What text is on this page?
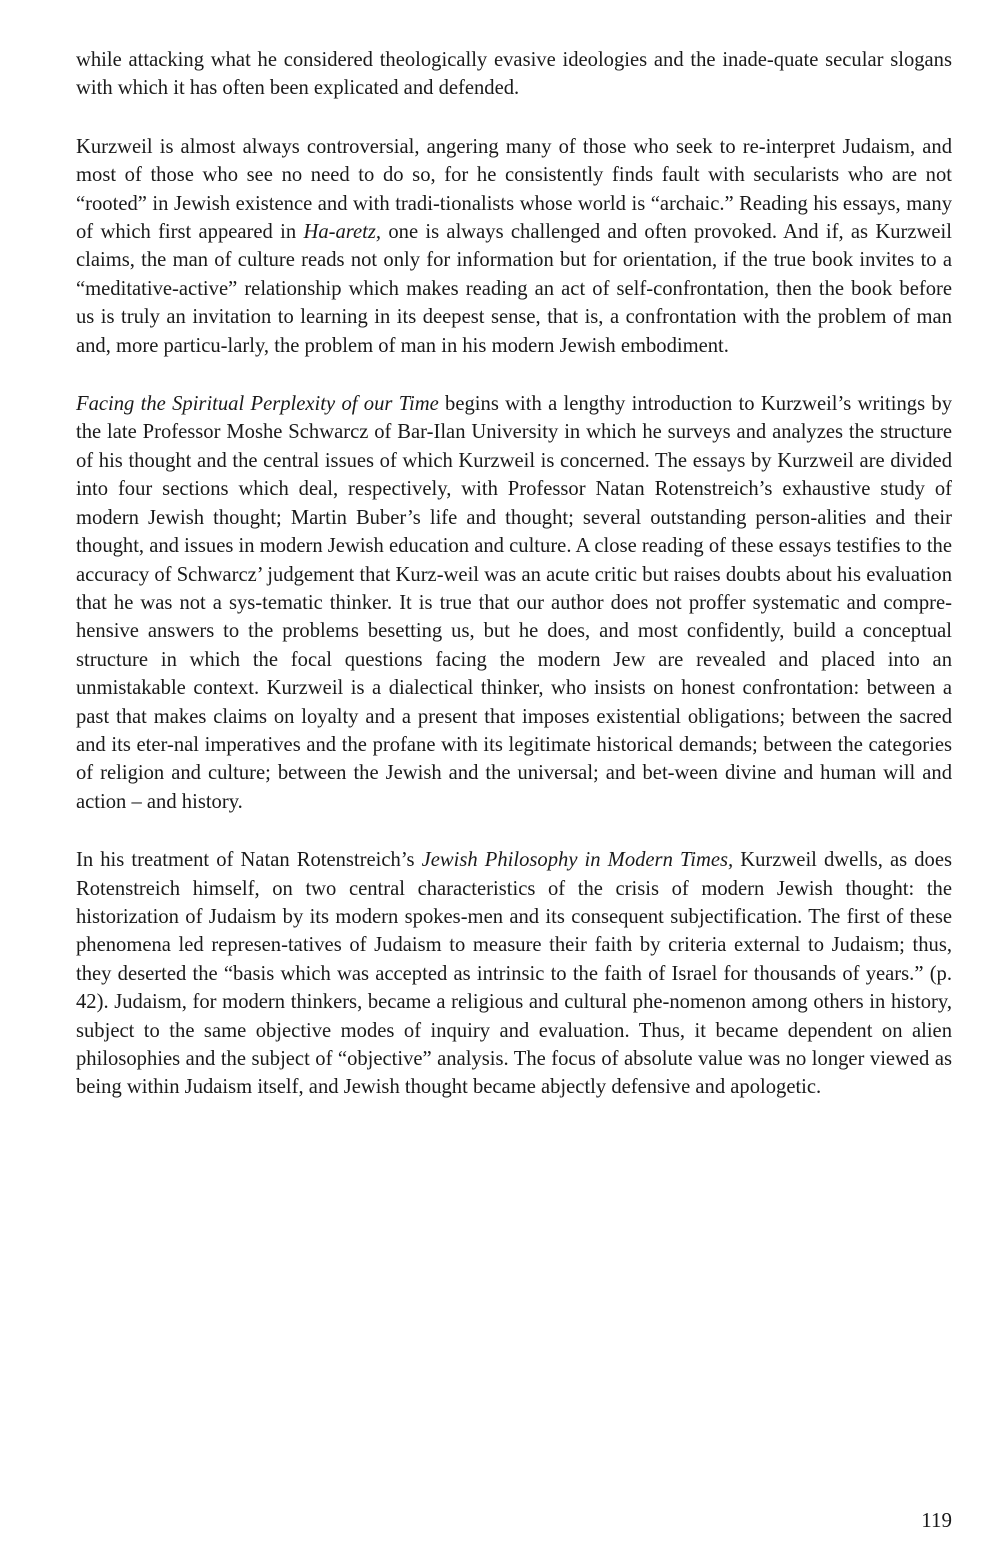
while attacking what he considered theologically evasive ideologies and the inade-quate secular slogans with which it has often been explicated and defended.

Kurzweil is almost always controversial, angering many of those who seek to re-interpret Judaism, and most of those who see no need to do so, for he consistently finds fault with secularists who are not “rooted” in Jewish existence and with tradi-tionalists whose world is “archaic.” Reading his essays, many of which first appeared in Ha-aretz, one is always challenged and often provoked. And if, as Kurzweil claims, the man of culture reads not only for information but for orientation, if the true book invites to a “meditative-active” relationship which makes reading an act of self-confrontation, then the book before us is truly an invitation to learning in its deepest sense, that is, a confrontation with the problem of man and, more particu-larly, the problem of man in his modern Jewish embodiment.

Facing the Spiritual Perplexity of our Time begins with a lengthy introduction to Kurzweil’s writings by the late Professor Moshe Schwarcz of Bar-Ilan University in which he surveys and analyzes the structure of his thought and the central issues of which Kurzweil is concerned. The essays by Kurzweil are divided into four sections which deal, respectively, with Professor Natan Rotenstreich’s exhaustive study of modern Jewish thought; Martin Buber’s life and thought; several outstanding person-alities and their thought, and issues in modern Jewish education and culture. A close reading of these essays testifies to the accuracy of Schwarcz’ judgement that Kurz-weil was an acute critic but raises doubts about his evaluation that he was not a sys-tematic thinker. It is true that our author does not proffer systematic and compre-hensive answers to the problems besetting us, but he does, and most confidently, build a conceptual structure in which the focal questions facing the modern Jew are revealed and placed into an unmistakable context. Kurzweil is a dialectical thinker, who insists on honest confrontation: between a past that makes claims on loyalty and a present that imposes existential obligations; between the sacred and its eter-nal imperatives and the profane with its legitimate historical demands; between the categories of religion and culture; between the Jewish and the universal; and bet-ween divine and human will and action – and history.

In his treatment of Natan Rotenstreich’s Jewish Philosophy in Modern Times, Kurzweil dwells, as does Rotenstreich himself, on two central characteristics of the crisis of modern Jewish thought: the historization of Judaism by its modern spokes-men and its consequent subjectification. The first of these phenomena led represen-tatives of Judaism to measure their faith by criteria external to Judaism; thus, they deserted the “basis which was accepted as intrinsic to the faith of Israel for thousands of years.” (p. 42). Judaism, for modern thinkers, became a religious and cultural phe-nomenon among others in history, subject to the same objective modes of inquiry and evaluation. Thus, it became dependent on alien philosophies and the subject of “objective” analysis. The focus of absolute value was no longer viewed as being within Judaism itself, and Jewish thought became abjectly defensive and apologetic.

119
